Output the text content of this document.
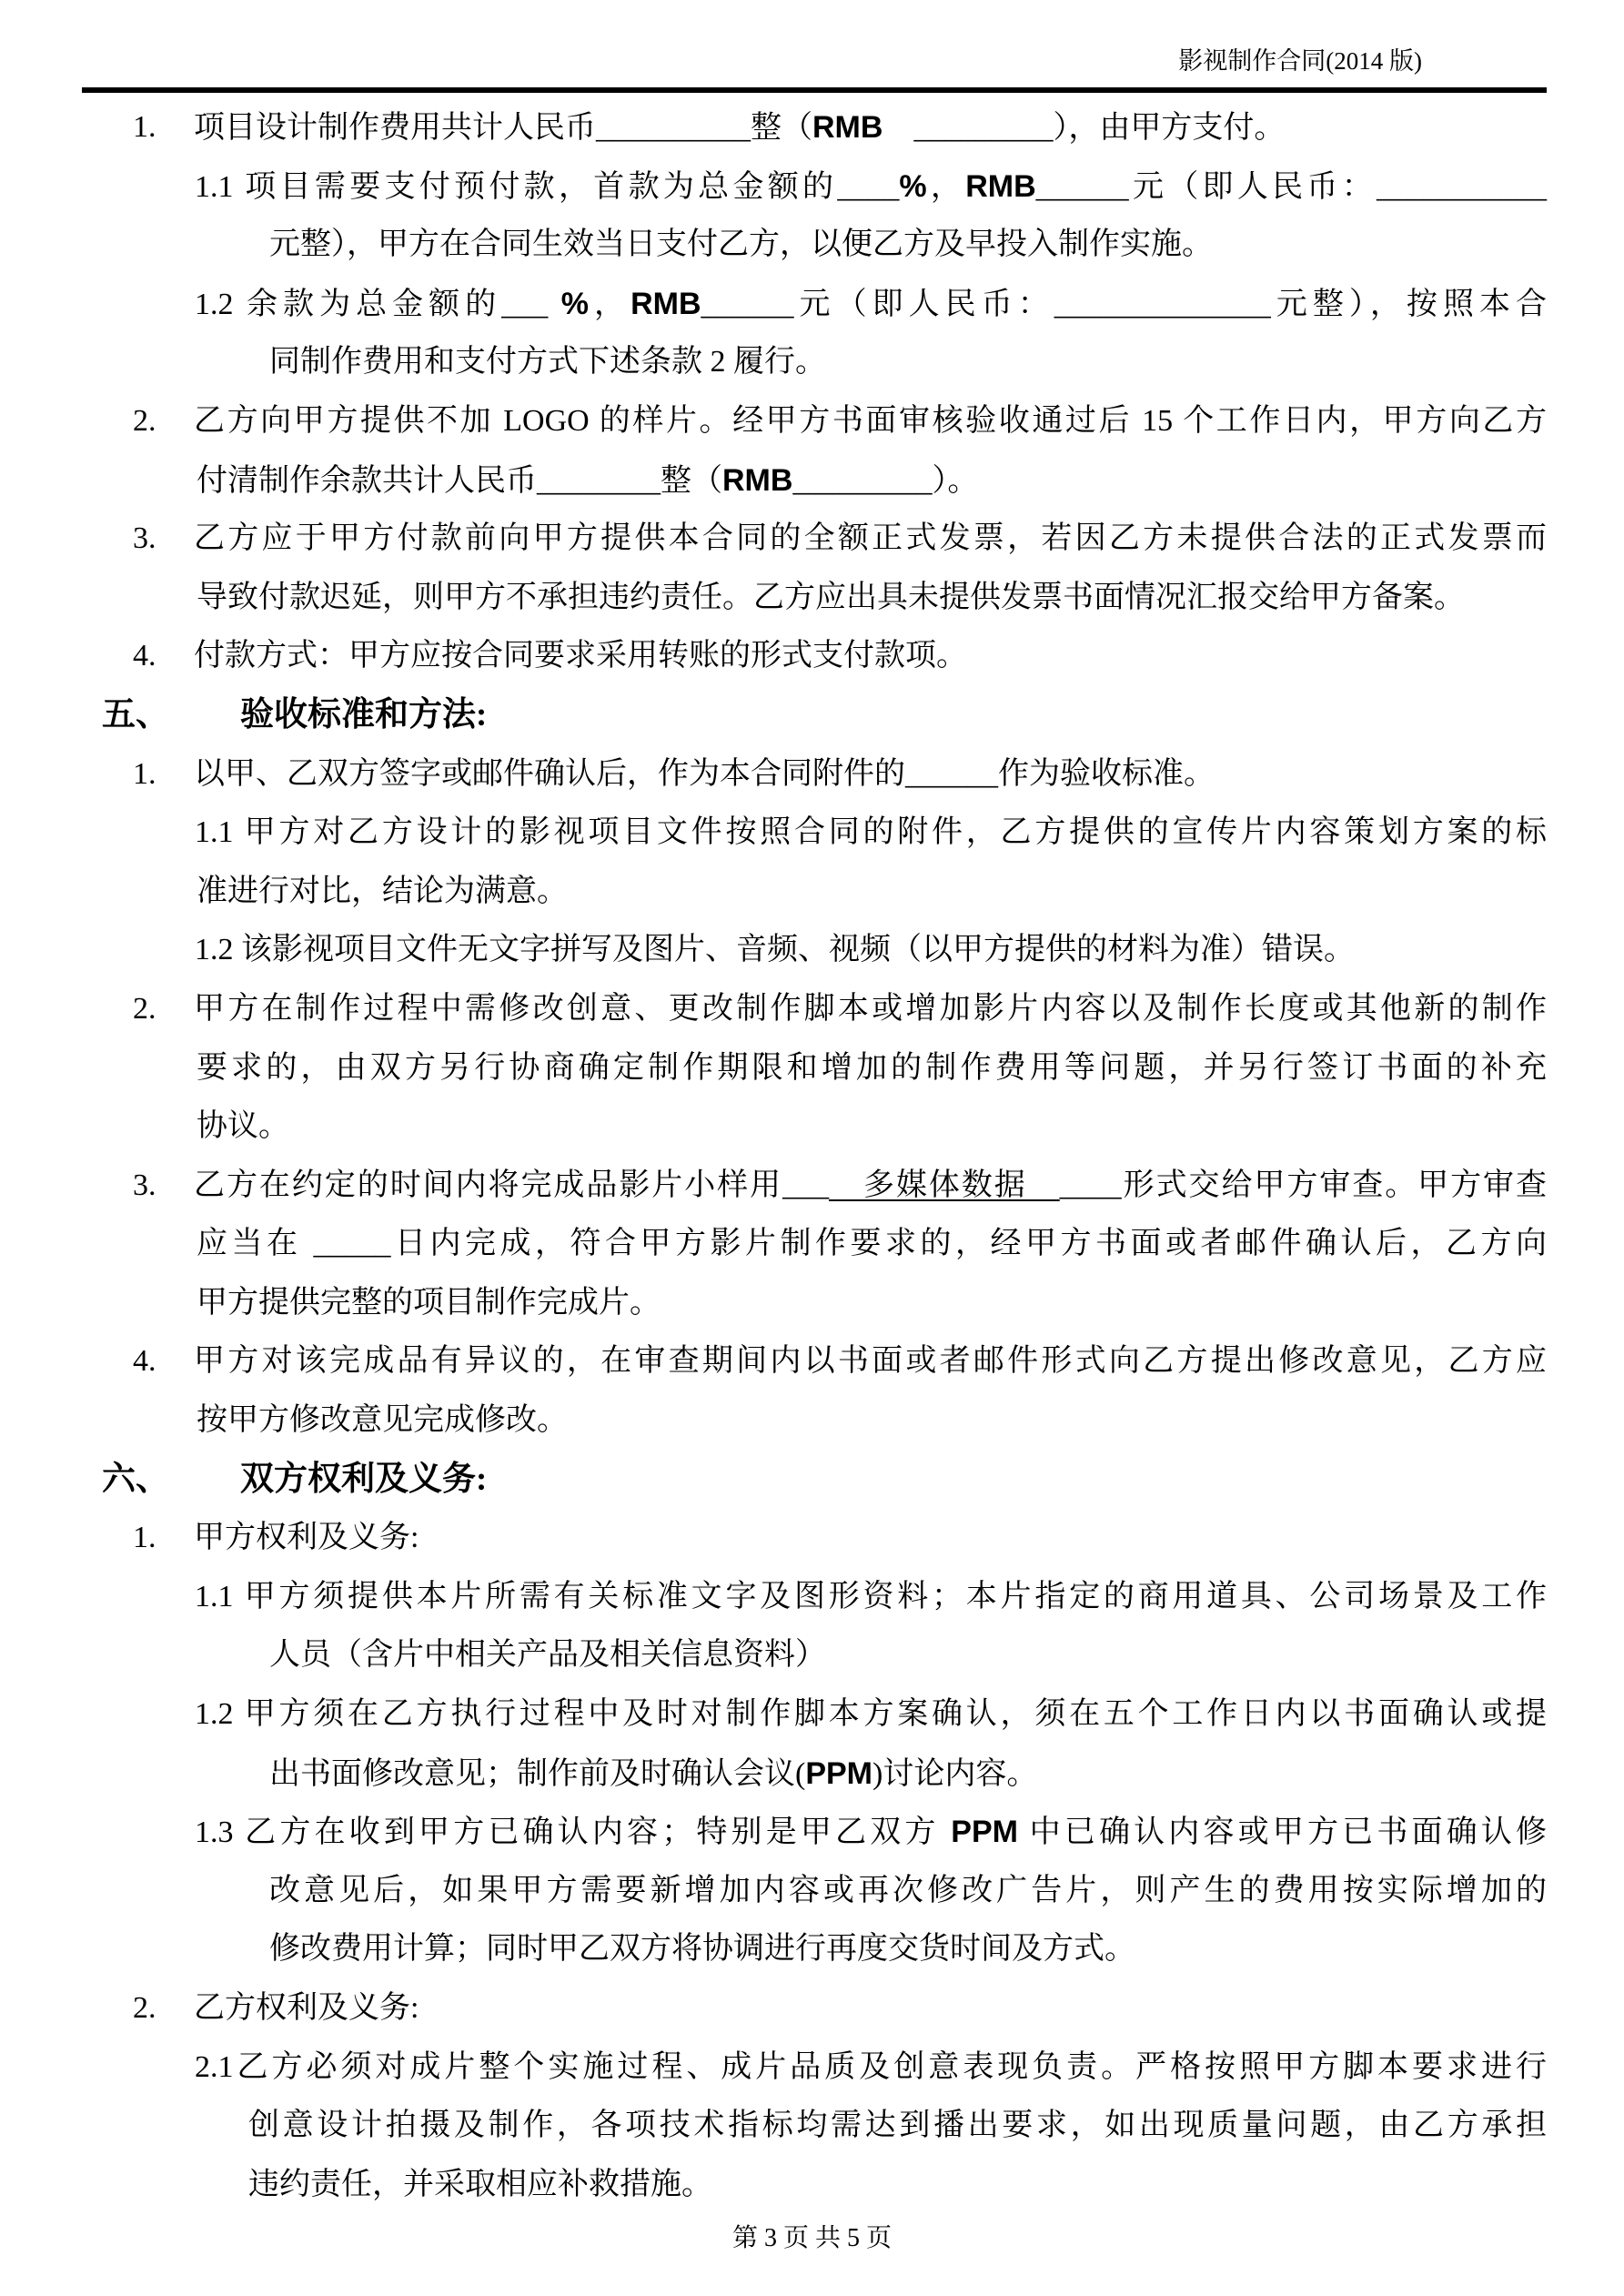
影视制作合同(2014 版)
1. 项目设计制作费用共计人民币__________整（RMB　 _________），由甲方支付。
1.1 项目需要支付预付款，首款为总金额的____%，RMB______元（即人民币：___________
元整），甲方在合同生效当日支付乙方，以便乙方及早投入制作实施。
1.2 余款为总金额的___ %，RMB______元（即人民币：______________元整），按照本合
同制作费用和支付方式下述条款 2 履行。
2. 乙方向甲方提供不加 LOGO 的样片。经甲方书面审核验收通过后 15 个工作日内，甲方向乙方
付清制作余款共计人民币________整（RMB_________）。
3. 乙方应于甲方付款前向甲方提供本合同的全额正式发票，若因乙方未提供合法的正式发票而
导致付款迟延，则甲方不承担违约责任。乙方应出具未提供发票书面情况汇报交给甲方备案。
4. 付款方式：甲方应按合同要求采用转账的形式支付款项。
五、 验收标准和方法:
1. 以甲、乙双方签字或邮件确认后，作为本合同附件的______作为验收标准。
1.1 甲方对乙方设计的影视项目文件按照合同的附件，乙方提供的宣传片内容策划方案的标
准进行对比，结论为满意。
1.2 该影视项目文件无文字拼写及图片、音频、视频（以甲方提供的材料为准）错误。
2. 甲方在制作过程中需修改创意、更改制作脚本或增加影片内容以及制作长度或其他新的制作
要求的，由双方另行协商确定制作期限和增加的制作费用等问题，并另行签订书面的补充
协议。
3. 乙方在约定的时间内将完成品影片小样用___　多媒体数据　____形式交给甲方审查。甲方审查
应当在 _____日内完成，符合甲方影片制作要求的，经甲方书面或者邮件确认后，乙方向
甲方提供完整的项目制作完成片。
4. 甲方对该完成品有异议的，在审查期间内以书面或者邮件形式向乙方提出修改意见，乙方应
按甲方修改意见完成修改。
六、 双方权利及义务:
1. 甲方权利及义务:
1.1 甲方须提供本片所需有关标准文字及图形资料；本片指定的商用道具、公司场景及工作
人员（含片中相关产品及相关信息资料）
1.2 甲方须在乙方执行过程中及时对制作脚本方案确认，须在五个工作日内以书面确认或提
出书面修改意见；制作前及时确认会议(PPM)讨论内容。
1.3 乙方在收到甲方已确认内容；特别是甲乙双方 PPM 中已确认内容或甲方已书面确认修
改意见后，如果甲方需要新增加内容或再次修改广告片，则产生的费用按实际增加的
修改费用计算；同时甲乙双方将协调进行再度交货时间及方式。
2. 乙方权利及义务:
2.1乙方必须对成片整个实施过程、成片品质及创意表现负责。严格按照甲方脚本要求进行
创意设计拍摄及制作，各项技术指标均需达到播出要求，如出现质量问题，由乙方承担
违约责任，并采取相应补救措施。
第 3 页 共 5 页
